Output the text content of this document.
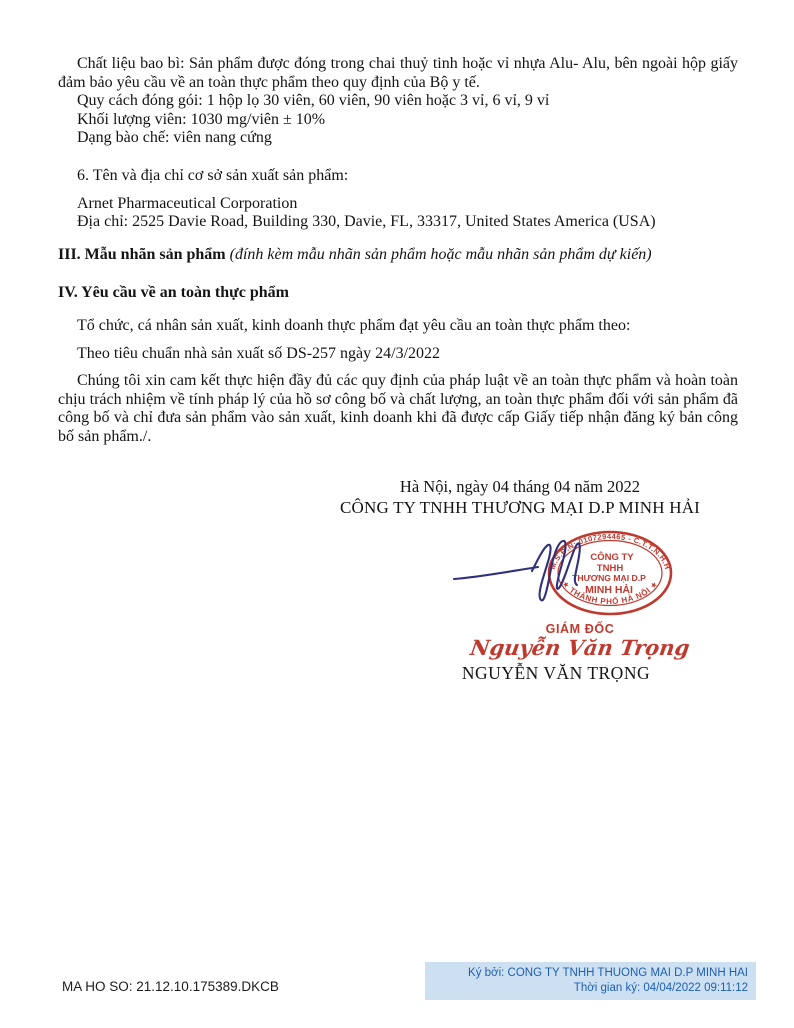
Chất liệu bao bì: Sản phẩm được đóng trong chai thuỷ tinh hoặc vỉ nhựa Alu- Alu, bên ngoài hộp giấy đảm bảo yêu cầu về an toàn thực phẩm theo quy định của Bộ y tế.

Quy cách đóng gói: 1 hộp lọ 30 viên, 60 viên, 90 viên hoặc 3 vỉ, 6 vỉ, 9 vỉ

Khối lượng viên: 1030 mg/viên ± 10%

Dạng bào chế: viên nang cứng

6. Tên và địa chỉ cơ sở sản xuất sản phẩm:

Arnet Pharmaceutical Corporation

Địa chỉ: 2525 Davie Road, Building 330, Davie, FL, 33317, United States America (USA)

III. Mẫu nhãn sản phẩm (đính kèm mẫu nhãn sản phẩm hoặc mẫu nhãn sản phẩm dự kiến)

IV. Yêu cầu về an toàn thực phẩm

Tổ chức, cá nhân sản xuất, kinh doanh thực phẩm đạt yêu cầu an toàn thực phẩm theo:

Theo tiêu chuẩn nhà sản xuất số DS-257 ngày 24/3/2022

Chúng tôi xin cam kết thực hiện đầy đủ các quy định của pháp luật về an toàn thực phẩm và hoàn toàn chịu trách nhiệm về tính pháp lý của hồ sơ công bố và chất lượng, an toàn thực phẩm đối với sản phẩm đã công bố và chỉ đưa sản phẩm vào sản xuất, kinh doanh khi đã được cấp Giấy tiếp nhận đăng ký bản công bố sản phẩm./.

Hà Nội, ngày 04 tháng 04 năm 2022
CÔNG TY TNHH THƯƠNG MẠI D.P MINH HẢI
M.S.Đ.N: 0107294465 - C.T.T.N.H.H
★ THÀNH PHỐ HÀ NỘI ★
CÔNG TY
TNHH
THƯƠNG MẠI D.P
MINH HẢI
GIÁM ĐỐC
Nguyễn Văn Trọng
NGUYỄN VĂN TRỌNG
MA HO SO: 21.12.10.175389.DKCB
Ký bởi: CONG TY TNHH THUONG MAI D.P MINH HAI
Thời gian ký: 04/04/2022 09:11:12
